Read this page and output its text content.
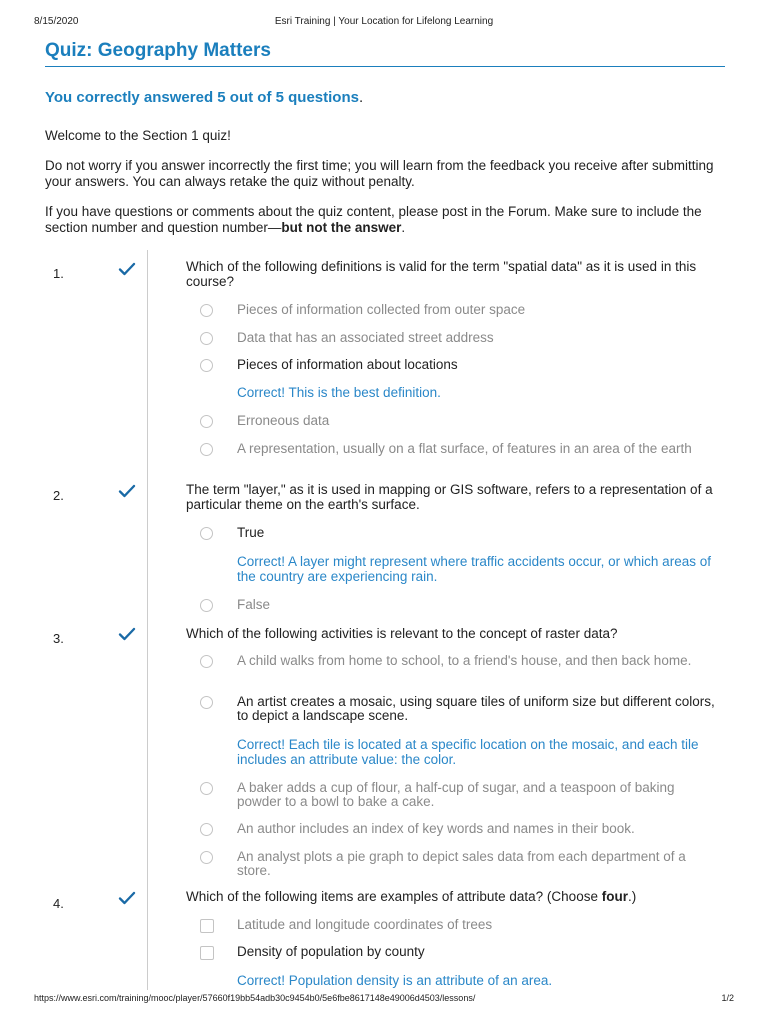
8/15/2020	Esri Training | Your Location for Lifelong Learning
Quiz: Geography Matters

You correctly answered 5 out of 5 questions.

Welcome to the Section 1 quiz!

Do not worry if you answer incorrectly the first time; you will learn from the feedback you receive after submitting your answers. You can always retake the quiz without penalty.

If you have questions or comments about the quiz content, please post in the Forum. Make sure to include the section number and question number—but not the answer.

1.	Which of the following definitions is valid for the term "spatial data" as it is used in this course?

Pieces of information collected from outer space
Data that has an associated street address
Pieces of information about locations

Correct! This is the best definition.

Erroneous data
A representation, usually on a flat surface, of features in an area of the earth
2.	The term "layer," as it is used in mapping or GIS software, refers to a representation of a particular theme on the earth's surface.

True

Correct! A layer might represent where traffic accidents occur, or which areas of the country are experiencing rain.

False
3.	Which of the following activities is relevant to the concept of raster data?

A child walks from home to school, to a friend's house, and then back home.
An artist creates a mosaic, using square tiles of uniform size but different colors, to depict a landscape scene.

Correct! Each tile is located at a specific location on the mosaic, and each tile includes an attribute value: the color.

A baker adds a cup of flour, a half-cup of sugar, and a teaspoon of baking powder to a bowl to bake a cake.
An author includes an index of key words and names in their book.
An analyst plots a pie graph to depict sales data from each department of a store.
4.	Which of the following items are examples of attribute data? (Choose four.)

Latitude and longitude coordinates of trees
Density of population by county

Correct! Population density is an attribute of an area.

https://www.esri.com/training/mooc/player/57660f19bb54adb30c9454b0/5e6fbe8617148e49006d4503/lessons/	1/2
